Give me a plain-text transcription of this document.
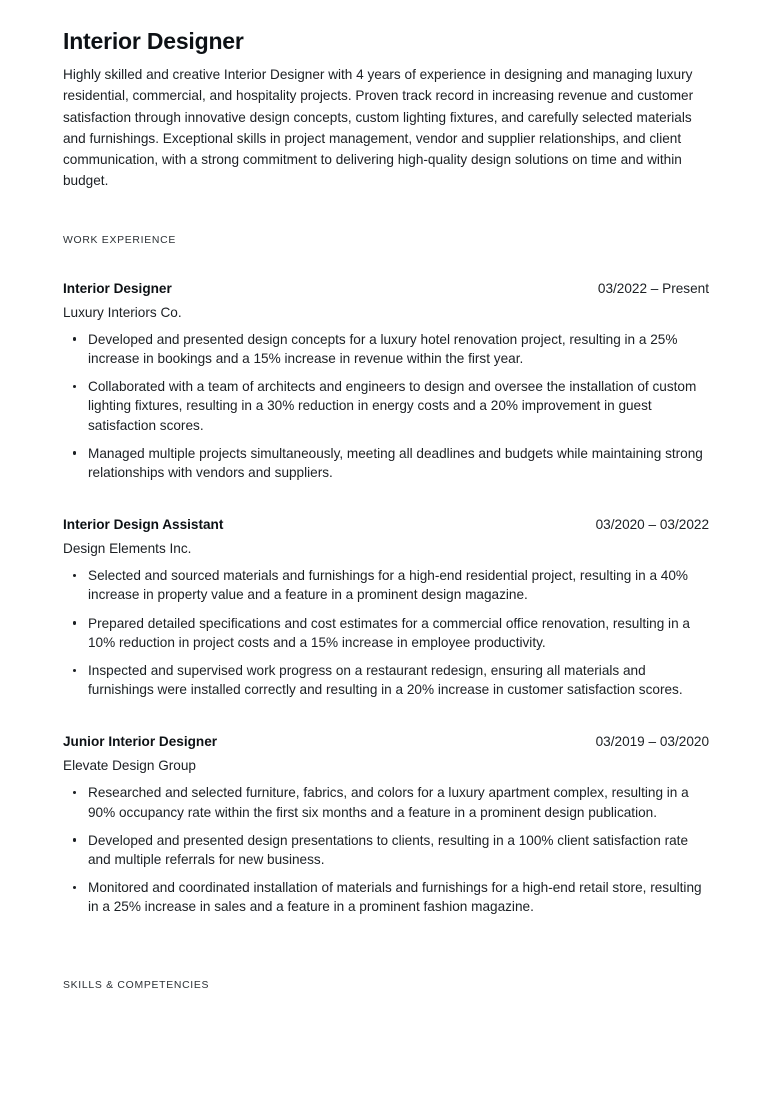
Interior Designer

Highly skilled and creative Interior Designer with 4 years of experience in designing and managing luxury residential, commercial, and hospitality projects. Proven track record in increasing revenue and customer satisfaction through innovative design concepts, custom lighting fixtures, and carefully selected materials and furnishings. Exceptional skills in project management, vendor and supplier relationships, and client communication, with a strong commitment to delivering high-quality design solutions on time and within budget.

WORK EXPERIENCE
Interior Designer	03/2022 – Present
Luxury Interiors Co.
Developed and presented design concepts for a luxury hotel renovation project, resulting in a 25% increase in bookings and a 15% increase in revenue within the first year.
Collaborated with a team of architects and engineers to design and oversee the installation of custom lighting fixtures, resulting in a 30% reduction in energy costs and a 20% improvement in guest satisfaction scores.
Managed multiple projects simultaneously, meeting all deadlines and budgets while maintaining strong relationships with vendors and suppliers.
Interior Design Assistant	03/2020 – 03/2022
Design Elements Inc.
Selected and sourced materials and furnishings for a high-end residential project, resulting in a 40% increase in property value and a feature in a prominent design magazine.
Prepared detailed specifications and cost estimates for a commercial office renovation, resulting in a 10% reduction in project costs and a 15% increase in employee productivity.
Inspected and supervised work progress on a restaurant redesign, ensuring all materials and furnishings were installed correctly and resulting in a 20% increase in customer satisfaction scores.
Junior Interior Designer	03/2019 – 03/2020
Elevate Design Group
Researched and selected furniture, fabrics, and colors for a luxury apartment complex, resulting in a 90% occupancy rate within the first six months and a feature in a prominent design publication.
Developed and presented design presentations to clients, resulting in a 100% client satisfaction rate and multiple referrals for new business.
Monitored and coordinated installation of materials and furnishings for a high-end retail store, resulting in a 25% increase in sales and a feature in a prominent fashion magazine.
SKILLS & COMPETENCIES
